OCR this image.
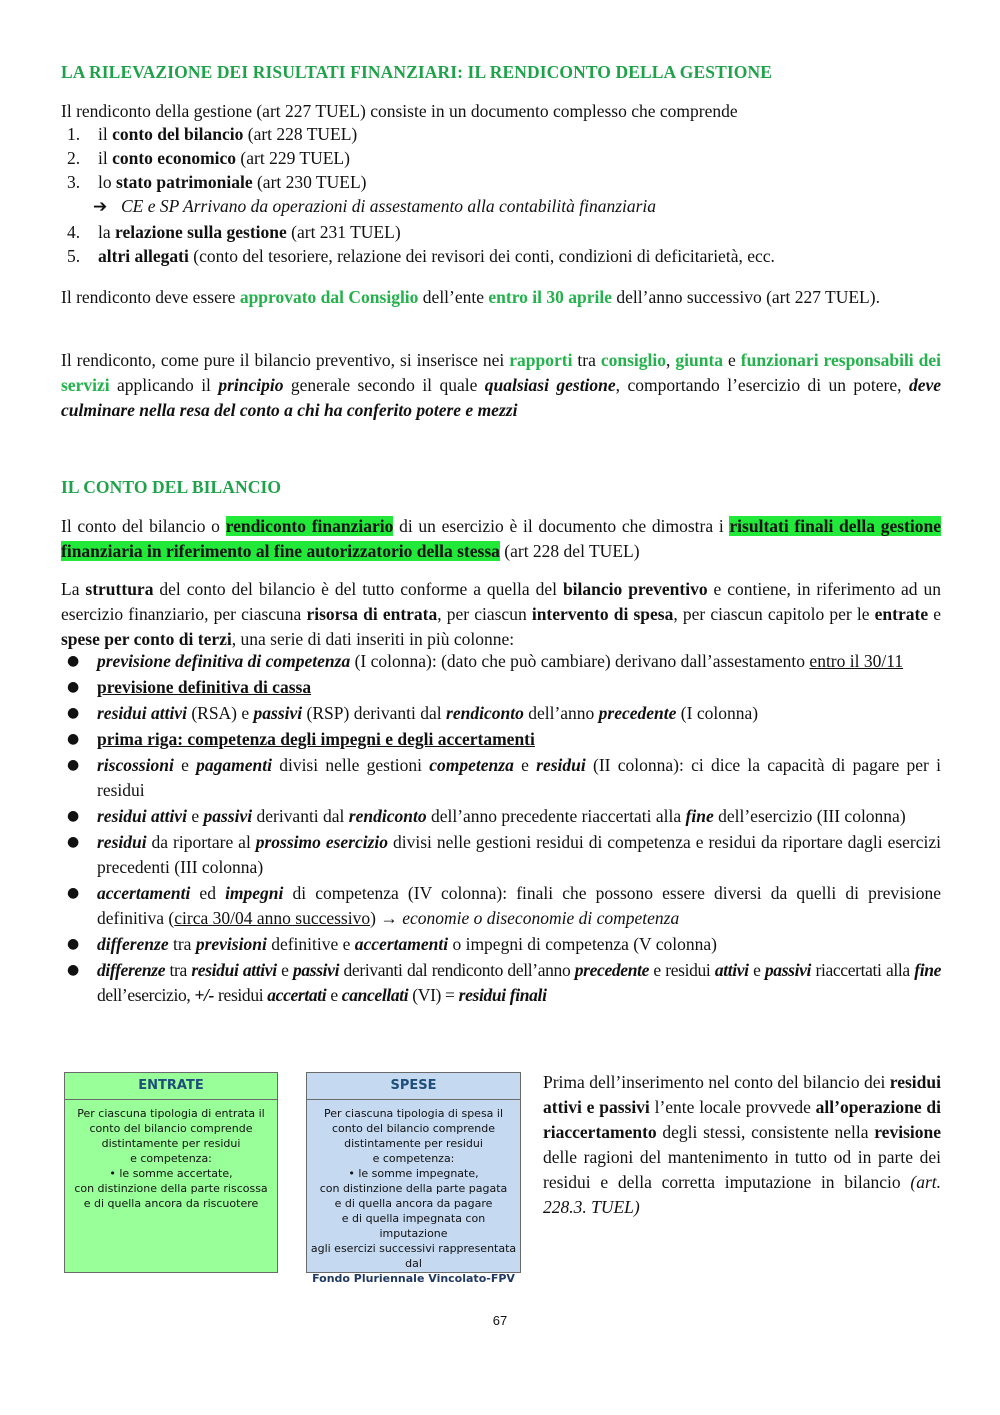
LA RILEVAZIONE DEI RISULTATI FINANZIARI: IL RENDICONTO DELLA GESTIONE
Il rendiconto della gestione (art 227 TUEL) consiste in un documento complesso che comprende
1. il conto del bilancio (art 228 TUEL)
2. il conto economico (art 229 TUEL)
3. lo stato patrimoniale (art 230 TUEL)
➔ CE e SP Arrivano da operazioni di assestamento alla contabilità finanziaria
4. la relazione sulla gestione (art 231 TUEL)
5. altri allegati (conto del tesoriere, relazione dei revisori dei conti, condizioni di deficitarietà, ecc.
Il rendiconto deve essere approvato dal Consiglio dell’ente entro il 30 aprile dell’anno successivo (art 227 TUEL).
Il rendiconto, come pure il bilancio preventivo, si inserisce nei rapporti tra consiglio, giunta e funzionari responsabili dei servizi applicando il principio generale secondo il quale qualsiasi gestione, comportando l’esercizio di un potere, deve culminare nella resa del conto a chi ha conferito potere e mezzi
IL CONTO DEL BILANCIO
Il conto del bilancio o rendiconto finanziario di un esercizio è il documento che dimostra i risultati finali della gestione finanziaria in riferimento al fine autorizzatorio della stessa (art 228 del TUEL)
La struttura del conto del bilancio è del tutto conforme a quella del bilancio preventivo e contiene, in riferimento ad un esercizio finanziario, per ciascuna risorsa di entrata, per ciascun intervento di spesa, per ciascun capitolo per le entrate e spese per conto di terzi, una serie di dati inseriti in più colonne:
● previsione definitiva di competenza (I colonna): (dato che può cambiare) derivano dall’assestamento entro il 30/11
● previsione definitiva di cassa
● residui attivi (RSA) e passivi (RSP) derivanti dal rendiconto dell’anno precedente (I colonna)
● prima riga: competenza degli impegni e degli accertamenti
● riscossioni e pagamenti divisi nelle gestioni competenza e residui (II colonna): ci dice la capacità di pagare per i residui
● residui attivi e passivi derivanti dal rendiconto dell’anno precedente riaccertati alla fine dell’esercizio (III colonna)
● residui da riportare al prossimo esercizio divisi nelle gestioni residui di competenza e residui da riportare dagli esercizi precedenti (III colonna)
● accertamenti ed impegni di competenza (IV colonna): finali che possono essere diversi da quelli di previsione definitiva (circa 30/04 anno successivo) → economie o diseconomie di competenza
● differenze tra previsioni definitive e accertamenti o impegni di competenza (V colonna)
● differenze tra residui attivi e passivi derivanti dal rendiconto dell’anno precedente e residui attivi e passivi riaccertati alla fine dell’esercizio, +/- residui accertati e cancellati (VI) = residui finali
ENTRATE
Per ciascuna tipologia di entrata il
conto del bilancio comprende
distintamente per residui
e competenza:
• le somme accertate,
con distinzione della parte riscossa
e di quella ancora da riscuotere
SPESE
Per ciascuna tipologia di spesa il
conto del bilancio comprende
distintamente per residui
e competenza:
• le somme impegnate,
con distinzione della parte pagata
e di quella ancora da pagare
e di quella impegnata con imputazione
agli esercizi successivi rappresentata
dal
Fondo Pluriennale Vincolato-FPV
Prima dell’inserimento nel conto del bilancio dei residui attivi e passivi l’ente locale provvede all’operazione di riaccertamento degli stessi, consistente nella revisione delle ragioni del mantenimento in tutto od in parte dei residui e della corretta imputazione in bilancio (art. 228.3. TUEL)
67
